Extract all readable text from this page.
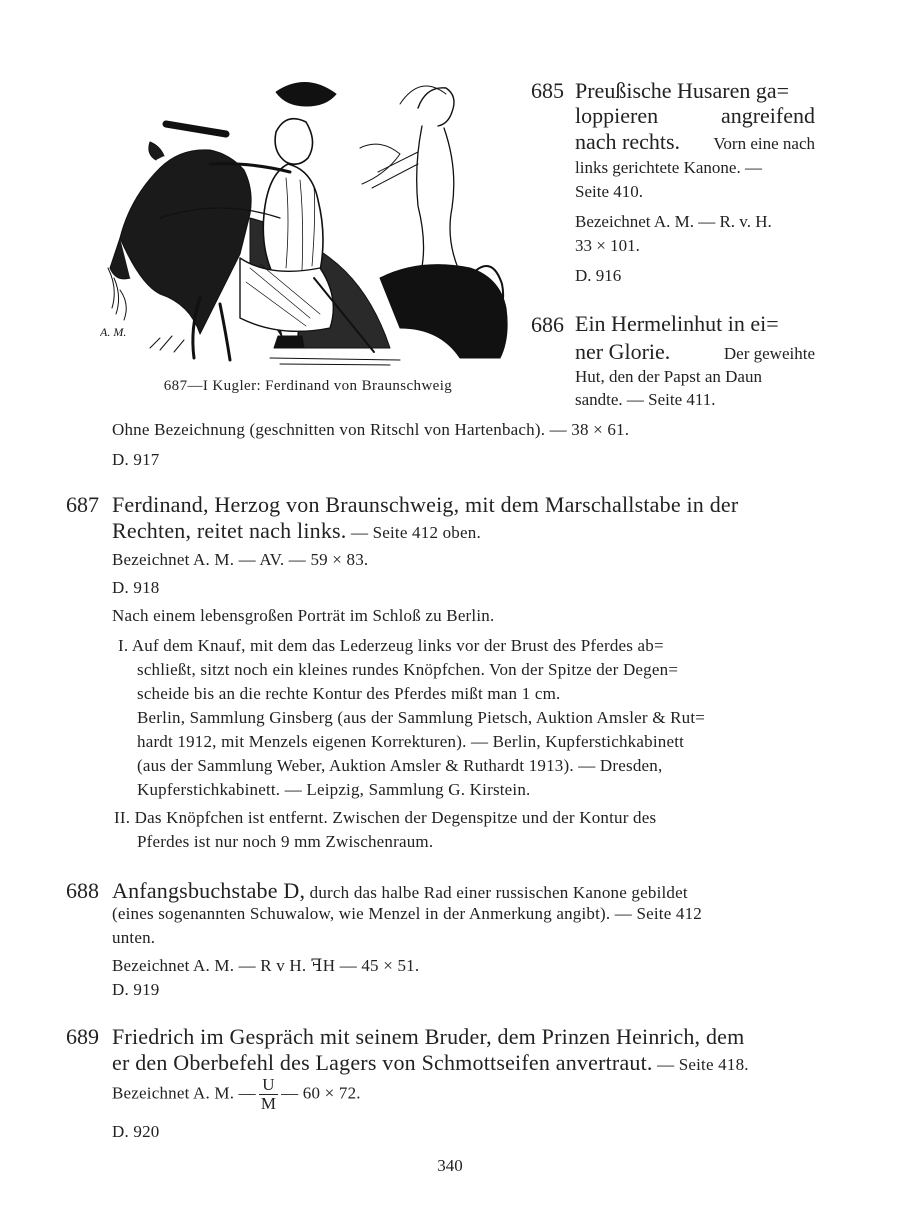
A. M.
687—I Kugler: Ferdinand von Braunschweig
685 Preußische Husaren ga=
loppieren	angreifend
nach rechts. Vorn eine nach
links gerichtete Kanone. —
Seite 410.
Bezeichnet A. M. — R. v. H.
33 × 101.
D. 916
686 Ein Hermelinhut in ei=
ner Glorie.	Der geweihte
Hut, den der Papst an Daun
sandte. — Seite 411.
Ohne Bezeichnung (geschnitten von Ritschl von Hartenbach). — 38 × 61.
D. 917
687 Ferdinand, Herzog von Braunschweig, mit dem Marschallstabe in der
Rechten, reitet nach links. — Seite 412 oben.
Bezeichnet A. M. — AV. — 59 × 83.
D. 918
Nach einem lebensgroßen Porträt im Schloß zu Berlin.
I. Auf dem Knauf, mit dem das Lederzeug links vor der Brust des Pferdes ab=
schließt, sitzt noch ein kleines rundes Knöpfchen. Von der Spitze der Degen=
scheide bis an die rechte Kontur des Pferdes mißt man 1 cm.
Berlin, Sammlung Ginsberg (aus der Sammlung Pietsch, Auktion Amsler & Rut=
hardt 1912, mit Menzels eigenen Korrekturen). — Berlin, Kupferstichkabinett
(aus der Sammlung Weber, Auktion Amsler & Ruthardt 1913). — Dresden,
Kupferstichkabinett. — Leipzig, Sammlung G. Kirstein.
II. Das Knöpfchen ist entfernt. Zwischen der Degenspitze und der Kontur des
Pferdes ist nur noch 9 mm Zwischenraum.
688 Anfangsbuchstabe D, durch das halbe Rad einer russischen Kanone gebildet
(eines sogenannten Schuwalow, wie Menzel in der Anmerkung angibt). — Seite 412
unten.
Bezeichnet A. M. — R v H. ꟻH — 45 × 51.
D. 919
689 Friedrich im Gespräch mit seinem Bruder, dem Prinzen Heinrich, dem
er den Oberbefehl des Lagers von Schmottseifen anvertraut. — Seite 418.
Bezeichnet A. M. — $\frac{U}{M}$ — 60 × 72.
D. 920
340
